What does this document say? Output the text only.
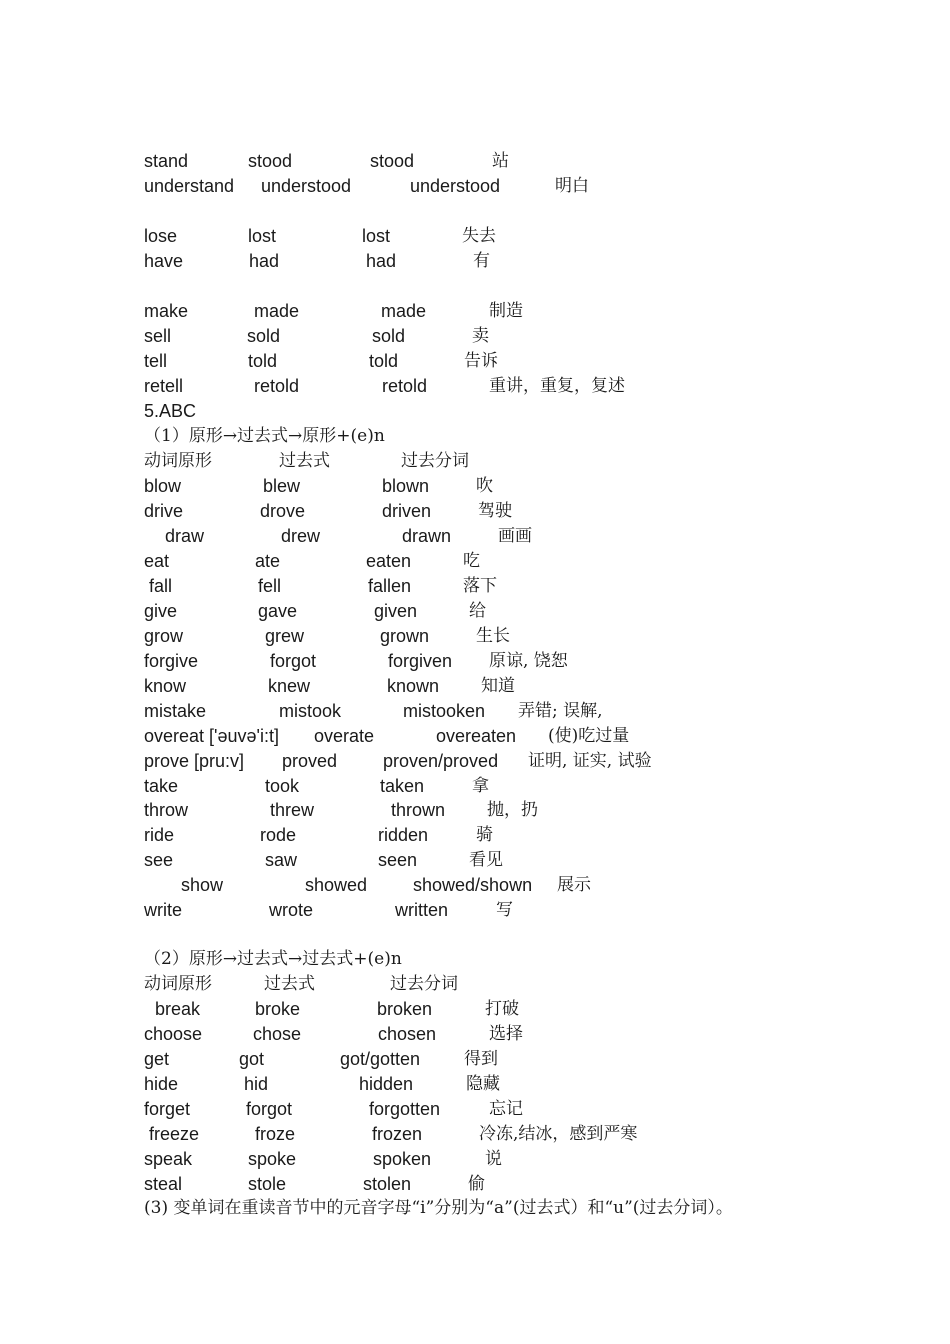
stand	stood	stood	站
understand understood	understood	明白
lose	lost	lost	失去
have	had	had	有
make	made	made	制造
sell	sold	sold	卖
tell	told	told	告诉
retell	retold	retold	重讲，重复，复述
5.ABC
（1）原形→过去式→原形+(e)n
动词原形	过去式	过去分词
blow	blew	blown	吹
drive	drove	driven	驾驶
draw	drew	drawn	画画
eat	ate	eaten	吃
fall	fell	fallen	落下
give	gave	given	给
grow	grew	grown	生长
forgive	forgot	forgiven 原谅, 饶恕
know	knew	known 知道
mistake	mistook	mistooken 弄错; 误解,
overeat ['əuvə'i:t] overate	overeaten (使)吃过量
prove [pru:v] proved	proven/proved 证明, 证实, 试验
take	took	taken	拿
throw	threw	thrown 抛，扔
ride	rode	ridden	骑
see	saw	seen	看见
show	showed	showed/shown 展示
write	wrote	written	写
（2）原形→过去式→过去式+(e)n
动词原形	过去式	过去分词
break	broke	broken	打破
choose	chose	chosen	选择
get	got	got/gotten	得到
hide	hid	hidden	隐藏
forget	forgot	forgotten	忘记
freeze	froze	frozen	冷冻,结冰，感到严寒
speak	spoke	spoken	说
steal	stole	stolen	偷
(3) 变单词在重读音节中的元音字母“i”分别为“a”(过去式）和“u”(过去分词）。
